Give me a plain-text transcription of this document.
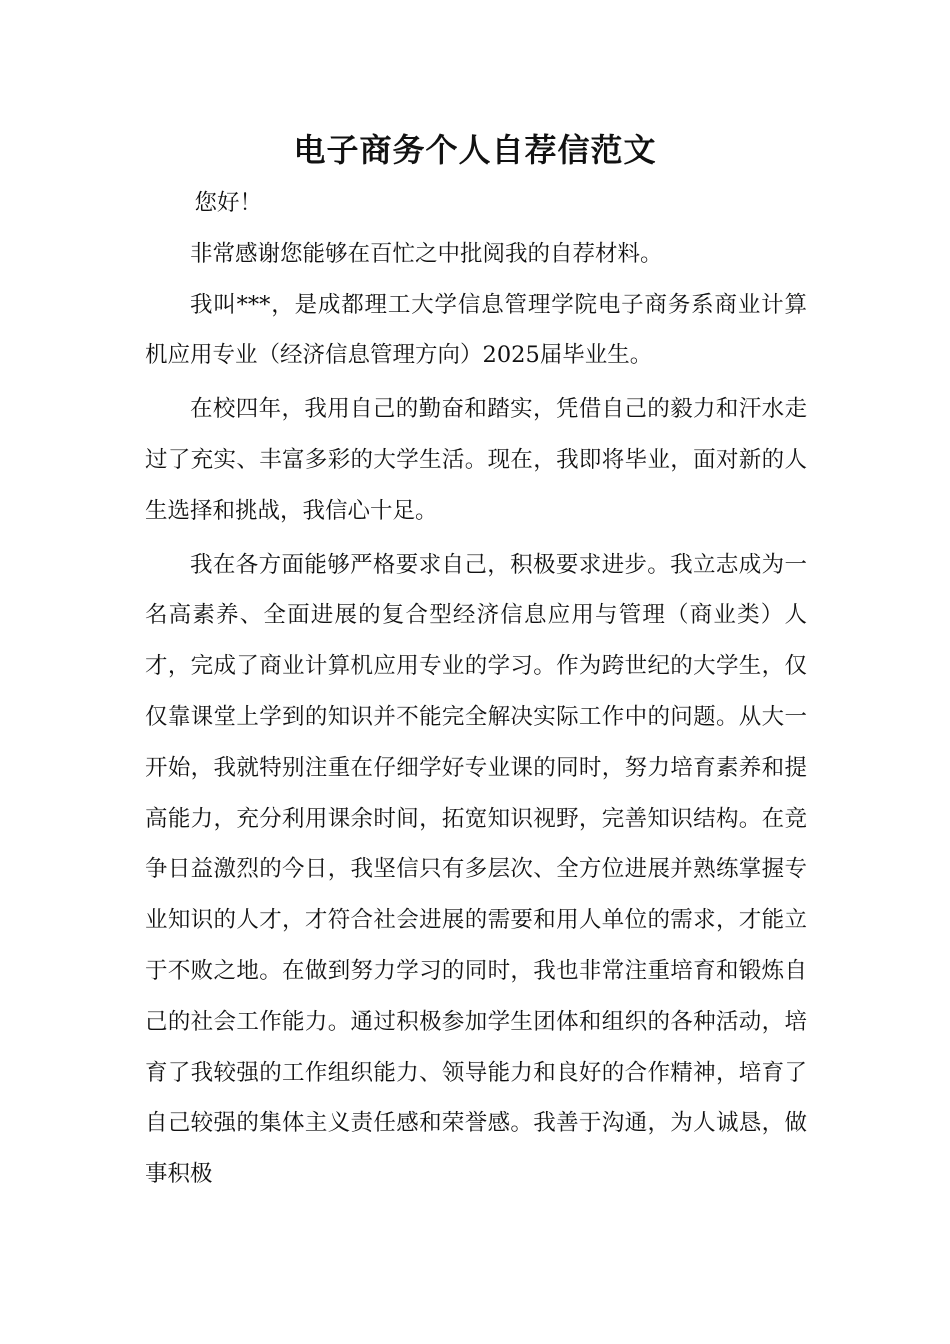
电子商务个人自荐信范文

您好！

非常感谢您能够在百忙之中批阅我的自荐材料。

我叫***，是成都理工大学信息管理学院电子商务系商业计算机应用专业（经济信息管理方向）2025届毕业生。

在校四年，我用自己的勤奋和踏实，凭借自己的毅力和汗水走过了充实、丰富多彩的大学生活。现在，我即将毕业，面对新的人生选择和挑战，我信心十足。

我在各方面能够严格要求自己，积极要求进步。我立志成为一名高素养、全面进展的复合型经济信息应用与管理（商业类）人才，完成了商业计算机应用专业的学习。作为跨世纪的大学生，仅仅靠课堂上学到的知识并不能完全解决实际工作中的问题。从大一开始，我就特别注重在仔细学好专业课的同时，努力培育素养和提高能力，充分利用课余时间，拓宽知识视野，完善知识结构。在竞争日益激烈的今日，我坚信只有多层次、全方位进展并熟练掌握专业知识的人才，才符合社会进展的需要和用人单位的需求，才能立于不败之地。在做到努力学习的同时，我也非常注重培育和锻炼自己的社会工作能力。通过积极参加学生团体和组织的各种活动，培育了我较强的工作组织能力、领导能力和良好的合作精神，培育了自己较强的集体主义责任感和荣誉感。我善于沟通，为人诚恳，做事积极
